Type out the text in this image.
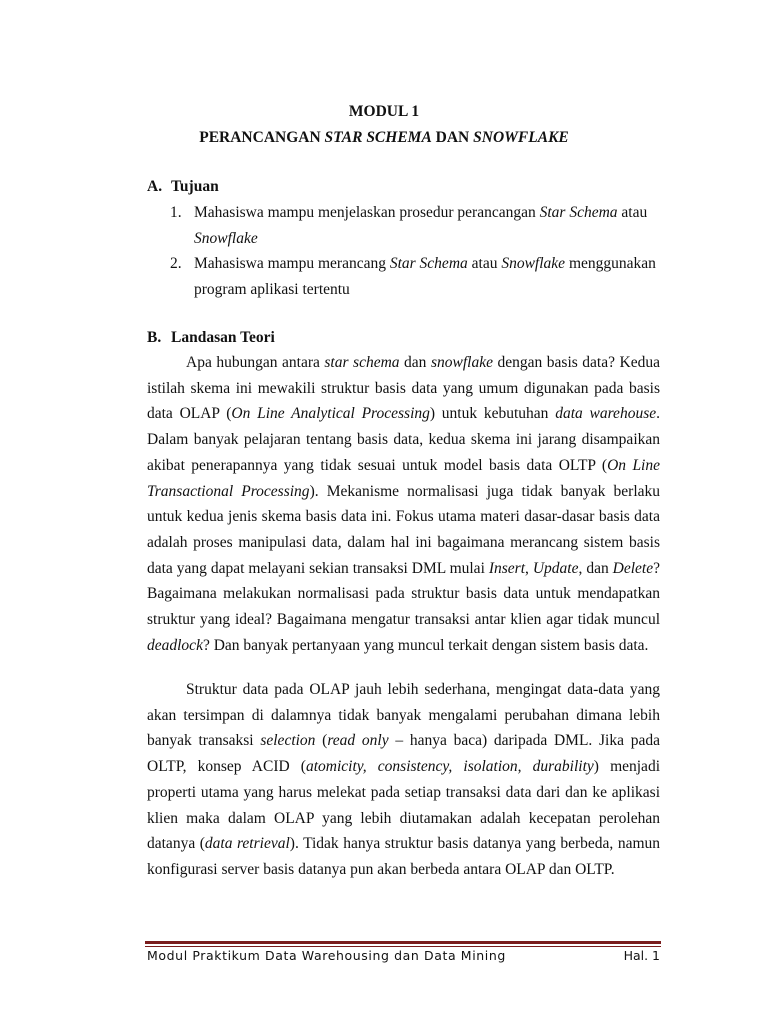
MODUL 1
PERANCANGAN STAR SCHEMA DAN SNOWFLAKE
A. Tujuan
1. Mahasiswa mampu menjelaskan prosedur perancangan Star Schema atau Snowflake
2. Mahasiswa mampu merancang Star Schema atau Snowflake menggunakan program aplikasi tertentu
B. Landasan Teori

Apa hubungan antara star schema dan snowflake dengan basis data? Kedua istilah skema ini mewakili struktur basis data yang umum digunakan pada basis data OLAP (On Line Analytical Processing) untuk kebutuhan data warehouse. Dalam banyak pelajaran tentang basis data, kedua skema ini jarang disampaikan akibat penerapannya yang tidak sesuai untuk model basis data OLTP (On Line Transactional Processing). Mekanisme normalisasi juga tidak banyak berlaku untuk kedua jenis skema basis data ini. Fokus utama materi dasar-dasar basis data adalah proses manipulasi data, dalam hal ini bagaimana merancang sistem basis data yang dapat melayani sekian transaksi DML mulai Insert, Update, dan Delete? Bagaimana melakukan normalisasi pada struktur basis data untuk mendapatkan struktur yang ideal? Bagaimana mengatur transaksi antar klien agar tidak muncul deadlock? Dan banyak pertanyaan yang muncul terkait dengan sistem basis data.

Struktur data pada OLAP jauh lebih sederhana, mengingat data-data yang akan tersimpan di dalamnya tidak banyak mengalami perubahan dimana lebih banyak transaksi selection (read only – hanya baca) daripada DML. Jika pada OLTP, konsep ACID (atomicity, consistency, isolation, durability) menjadi properti utama yang harus melekat pada setiap transaksi data dari dan ke aplikasi klien maka dalam OLAP yang lebih diutamakan adalah kecepatan perolehan datanya (data retrieval). Tidak hanya struktur basis datanya yang berbeda, namun konfigurasi server basis datanya pun akan berbeda antara OLAP dan OLTP.

Modul Praktikum Data Warehousing dan Data Mining	Hal. 1
